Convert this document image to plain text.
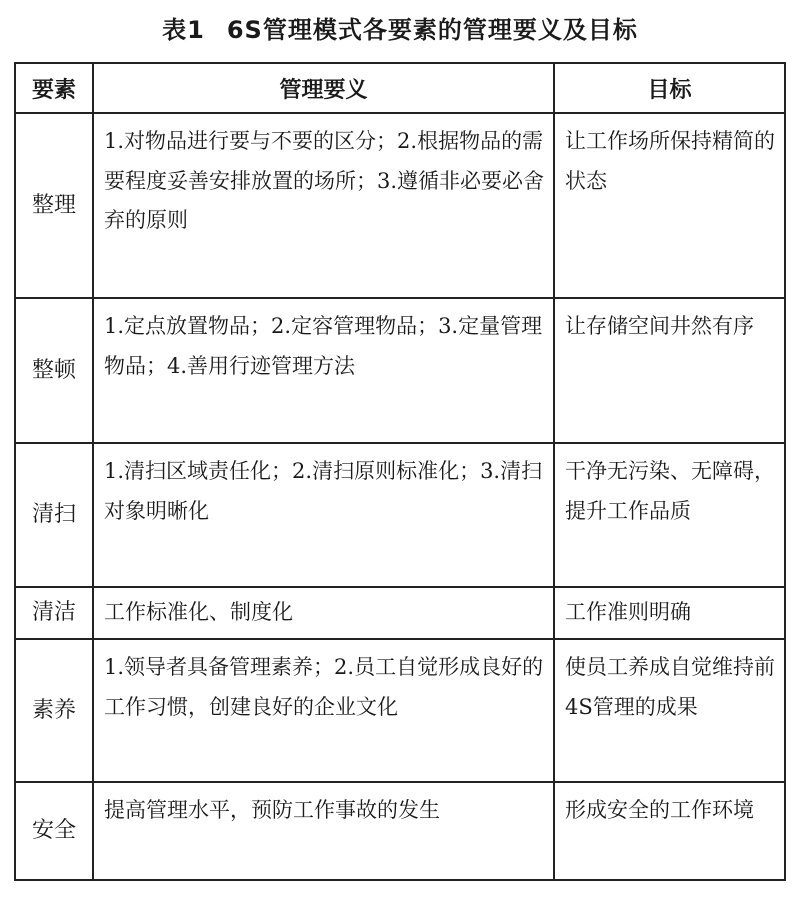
表1 6S管理模式各要素的管理要义及目标
要素	管理要义	目标
整理	1.对物品进行要与不要的区分；2.根据物品的需要程度妥善安排放置的场所；3.遵循非必要必舍弃的原则	让工作场所保持精简的状态
整顿	1.定点放置物品；2.定容管理物品；3.定量管理物品；4.善用行迹管理方法	让存储空间井然有序
清扫	1.清扫区域责任化；2.清扫原则标准化；3.清扫对象明晰化	干净无污染、无障碍，提升工作品质
清洁	工作标准化、制度化	工作准则明确
素养	1.领导者具备管理素养；2.员工自觉形成良好的工作习惯，创建良好的企业文化	使员工养成自觉维持前4S管理的成果
安全	提高管理水平，预防工作事故的发生	形成安全的工作环境
